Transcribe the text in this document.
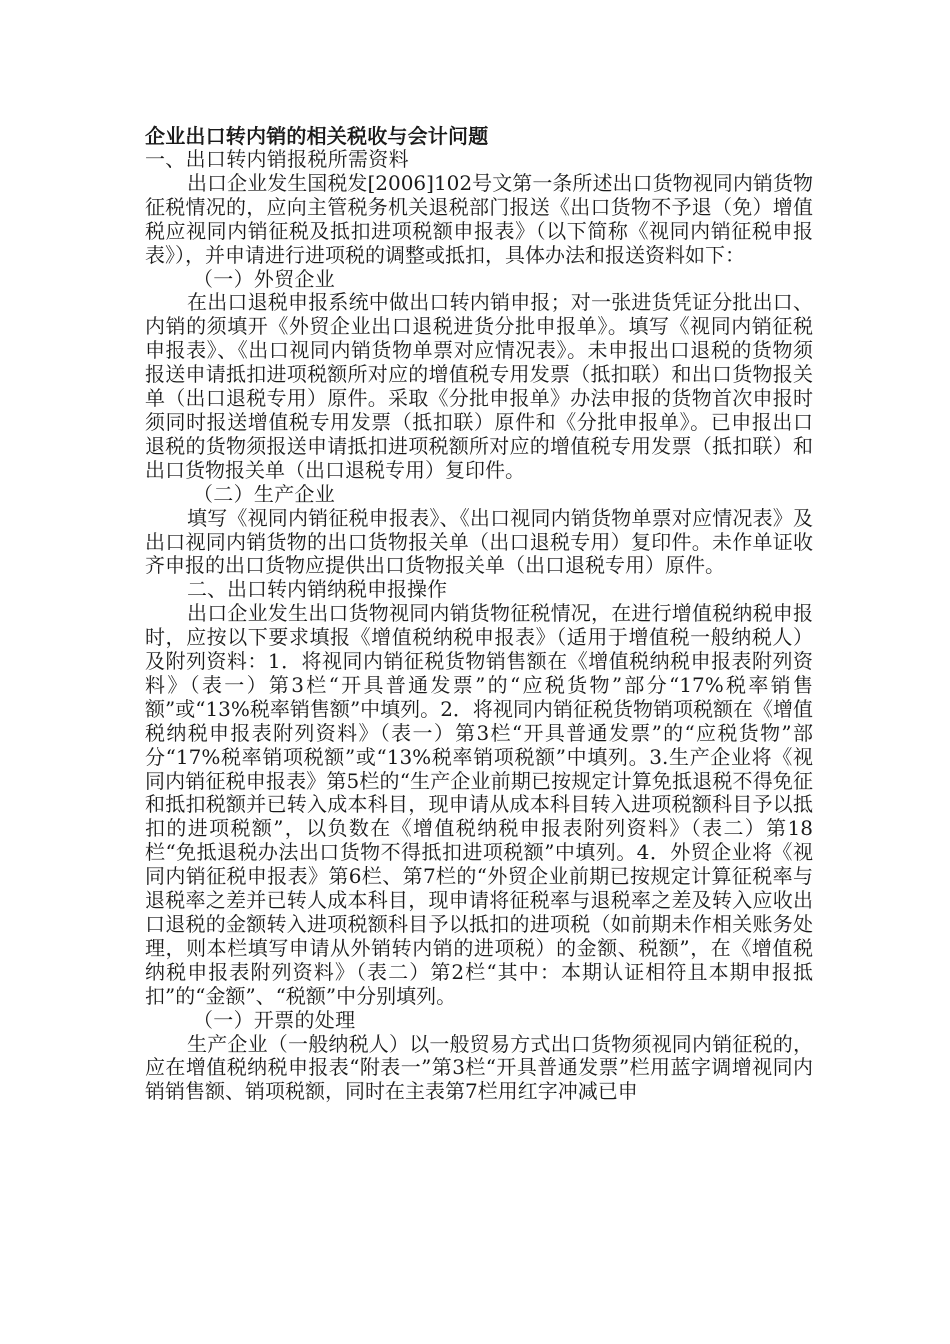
企业出口转内销的相关税收与会计问题

一、出口转内销报税所需资料

出口企业发生国税发[2006]102号文第一条所述出口货物视同内销货物征税情况的，应向主管税务机关退税部门报送《出口货物不予退（免）增值税应视同内销征税及抵扣进项税额申报表》（以下简称《视同内销征税申报表》），并申请进行进项税的调整或抵扣，具体办法和报送资料如下：

（一）外贸企业

在出口退税申报系统中做出口转内销申报；对一张进货凭证分批出口、内销的须填开《外贸企业出口退税进货分批申报单》。填写《视同内销征税申报表》、《出口视同内销货物单票对应情况表》。未申报出口退税的货物须报送申请抵扣进项税额所对应的增值税专用发票（抵扣联）和出口货物报关单（出口退税专用）原件。采取《分批申报单》办法申报的货物首次申报时须同时报送增值税专用发票（抵扣联）原件和《分批申报单》。已申报出口退税的货物须报送申请抵扣进项税额所对应的增值税专用发票（抵扣联）和出口货物报关单（出口退税专用）复印件。

（二）生产企业

填写《视同内销征税申报表》、《出口视同内销货物单票对应情况表》及出口视同内销货物的出口货物报关单（出口退税专用）复印件。未作单证收齐申报的出口货物应提供出口货物报关单（出口退税专用）原件。

二、出口转内销纳税申报操作

出口企业发生出口货物视同内销货物征税情况，在进行增值税纳税申报时，应按以下要求填报《增值税纳税申报表》（适用于增值税一般纳税人）及附列资料：1．将视同内销征税货物销售额在《增值税纳税申报表附列资料》（表一）第3栏“开具普通发票”的“应税货物”部分“17%税率销售额”或“13%税率销售额”中填列。2．将视同内销征税货物销项税额在《增值税纳税申报表附列资料》（表一）第3栏“开具普通发票”的“应税货物”部分“17%税率销项税额”或“13%税率销项税额”中填列。3.生产企业将《视同内销征税申报表》第5栏的“生产企业前期已按规定计算免抵退税不得免征和抵扣税额并已转入成本科目，现申请从成本科目转入进项税额科目予以抵扣的进项税额”，以负数在《增值税纳税申报表附列资料》（表二）第18栏“免抵退税办法出口货物不得抵扣进项税额”中填列。4．外贸企业将《视同内销征税申报表》第6栏、第7栏的“外贸企业前期已按规定计算征税率与退税率之差并已转人成本科目，现申请将征税率与退税率之差及转入应收出口退税的金额转入进项税额科目予以抵扣的进项税（如前期未作相关账务处理，则本栏填写申请从外销转内销的进项税）的金额、税额”，在《增值税纳税申报表附列资料》（表二）第2栏“其中：本期认证相符且本期申报抵扣”的“金额”、“税额”中分别填列。

（一）开票的处理

生产企业（一般纳税人）以一般贸易方式出口货物须视同内销征税的，应在增值税纳税申报表“附表一”第3栏“开具普通发票”栏用蓝字调增视同内销销售额、销项税额，同时在主表第7栏用红字冲减已申
